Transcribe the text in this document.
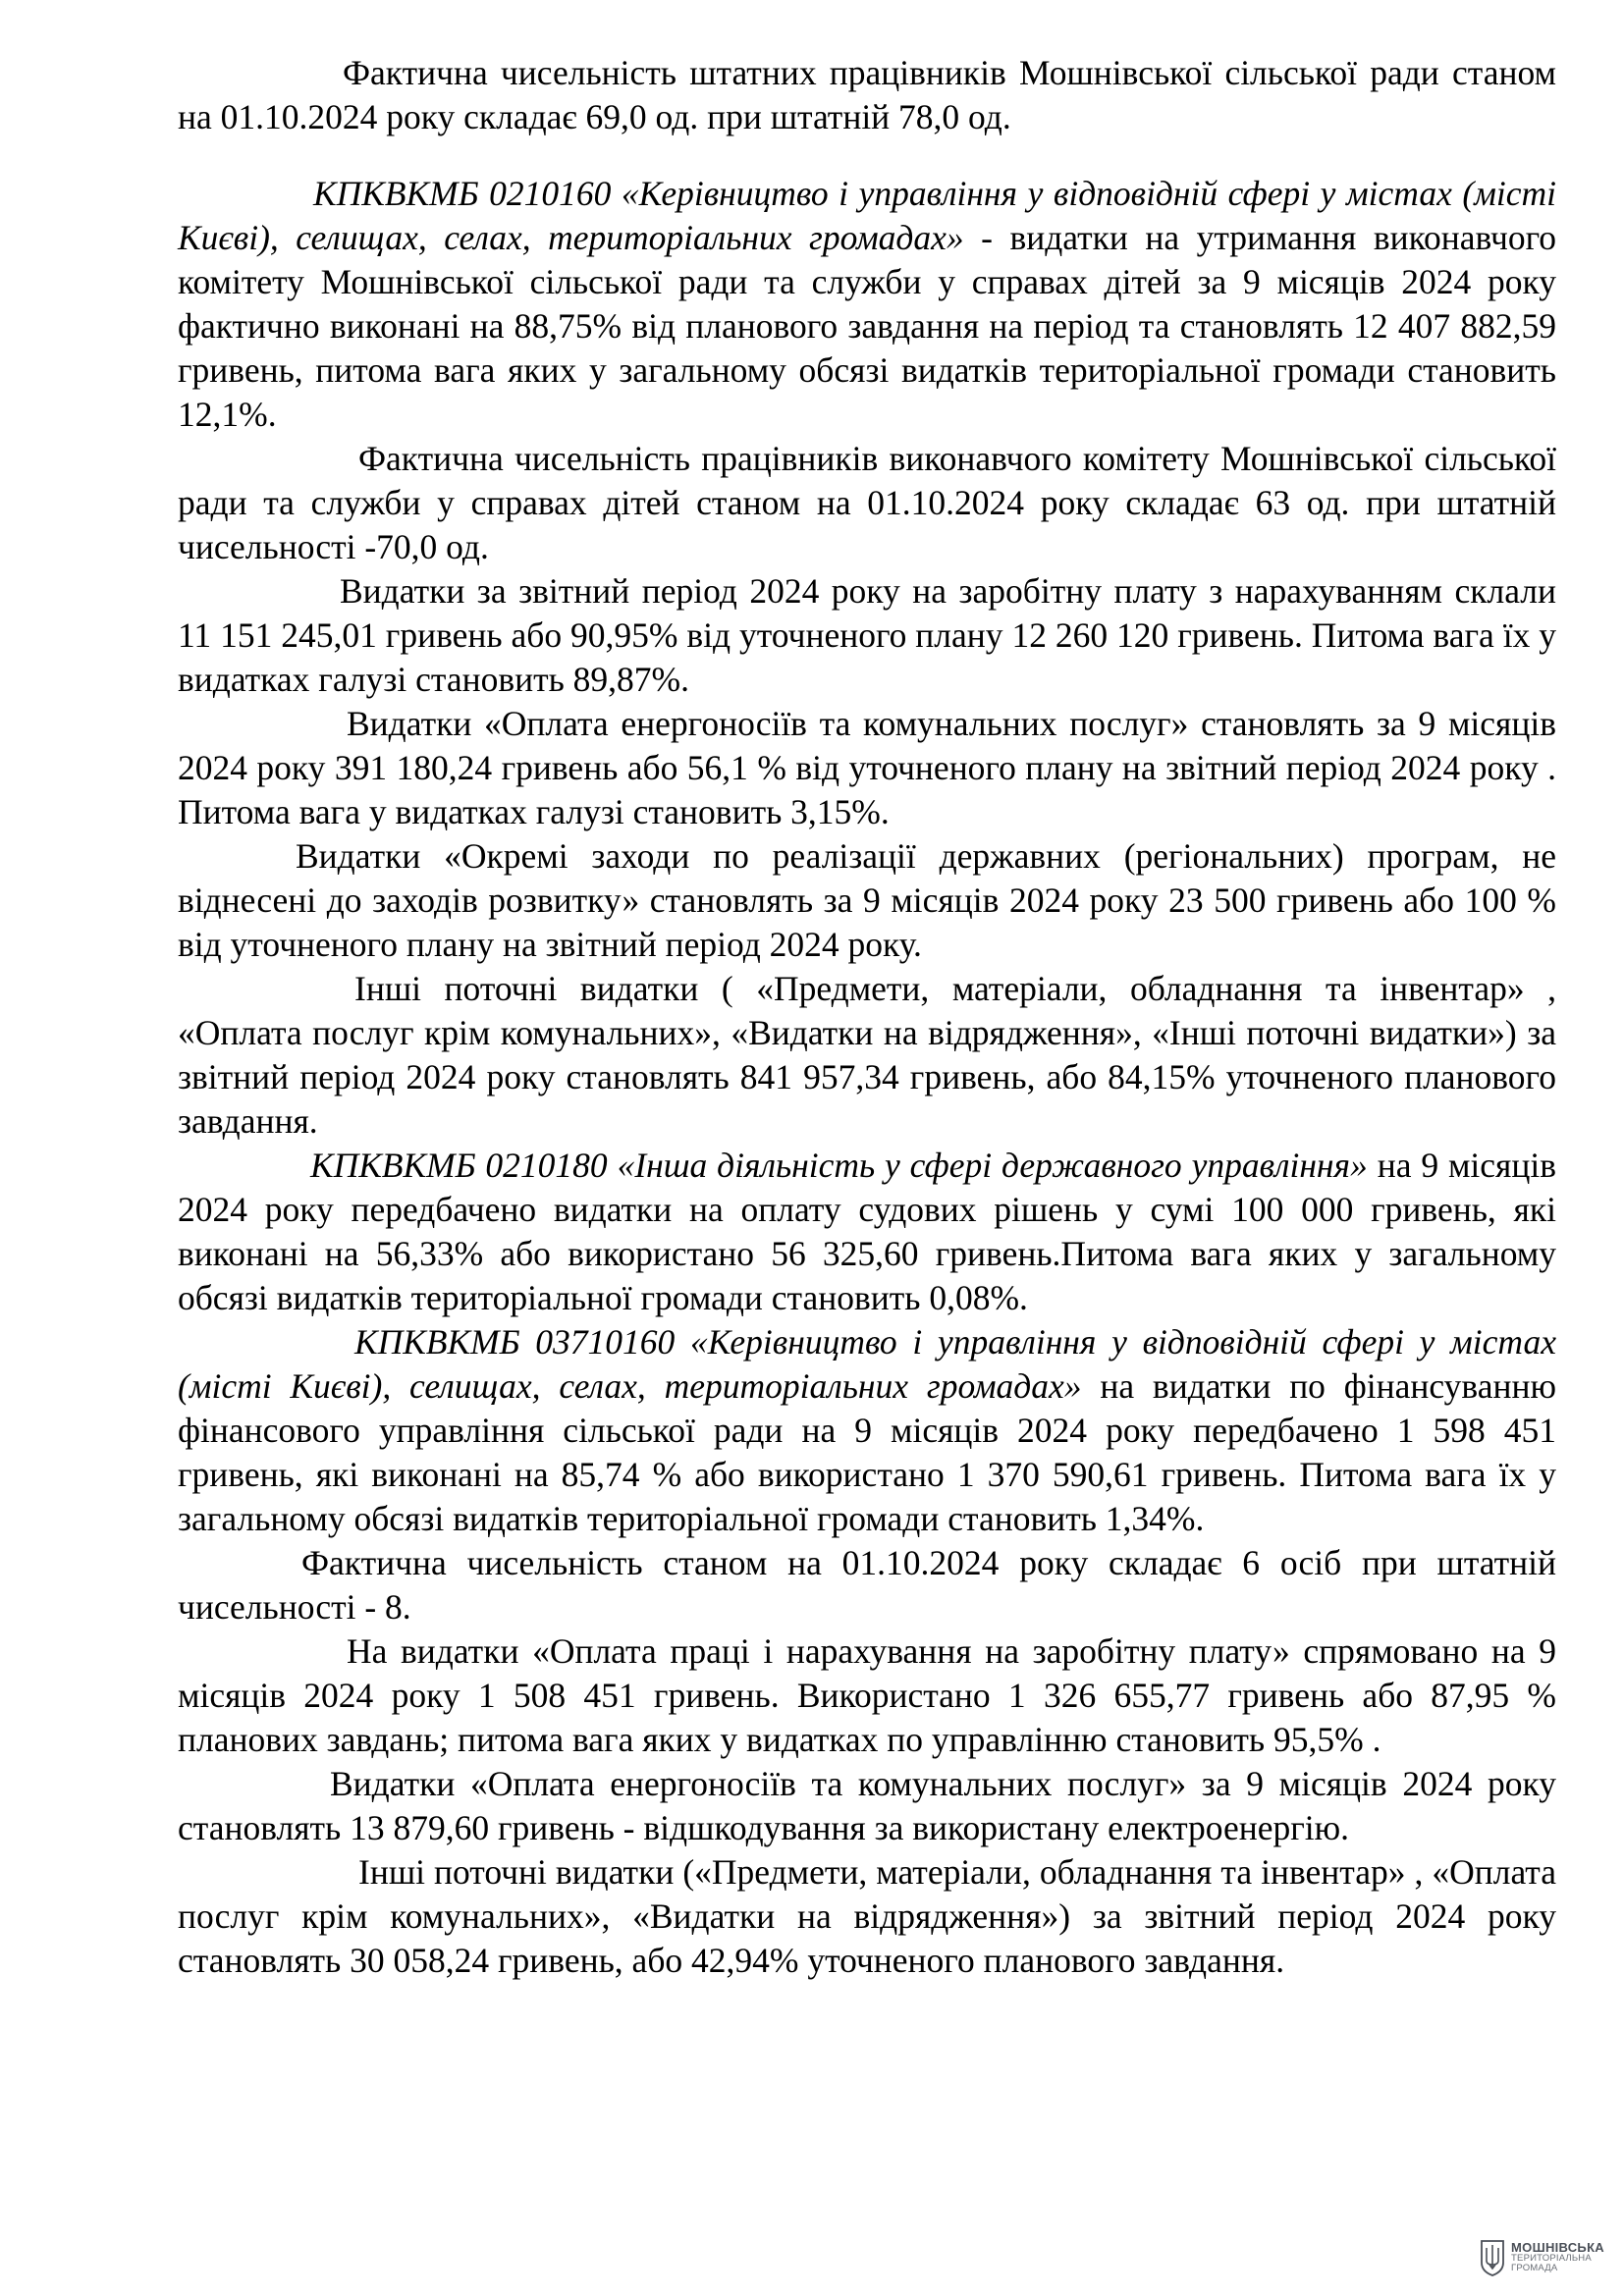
Фактична чисельність штатних працівників Мошнівської сільської ради станом на 01.10.2024 року складає 69,0 од. при штатній 78,0 од.

КПКВКМБ 0210160 «Керівництво і управління у відповідній сфері у містах (місті Києві), селищах, селах, територіальних громадах» - видатки на утримання виконавчого комітету Мошнівської сільської ради та служби у справах дітей за 9 місяців 2024 року фактично виконані на 88,75% від планового завдання на період та становлять 12 407 882,59 гривень, питома вага яких у загальному обсязі видатків територіальної громади становить 12,1%.

Фактична чисельність працівників виконавчого комітету Мошнівської сільської ради та служби у справах дітей станом на 01.10.2024 року складає 63 од. при штатній чисельності -70,0 од.

Видатки за звітний період 2024 року на заробітну плату з нарахуванням склали 11 151 245,01 гривень або 90,95% від уточненого плану 12 260 120 гривень. Питома вага їх у видатках галузі становить 89,87%.

Видатки «Оплата енергоносіїв та комунальних послуг» становлять за 9 місяців 2024 року 391 180,24 гривень або 56,1 % від уточненого плану на звітний період 2024 року . Питома вага у видатках галузі становить 3,15%.

Видатки «Окремі заходи по реалізації державних (регіональних) програм, не віднесені до заходів розвитку» становлять за 9 місяців 2024 року 23 500 гривень або 100 % від уточненого плану на звітний період 2024 року.

Інші поточні видатки ( «Предмети, матеріали, обладнання та інвентар» , «Оплата послуг крім комунальних», «Видатки на відрядження», «Інші поточні видатки») за звітний період 2024 року становлять 841 957,34 гривень, або 84,15% уточненого планового завдання.

КПКВКМБ 0210180 «Інша діяльність у сфері державного управління» на 9 місяців 2024 року передбачено видатки на оплату судових рішень у сумі 100 000 гривень, які виконані на 56,33% або використано 56 325,60 гривень.Питома вага яких у загальному обсязі видатків територіальної громади становить 0,08%.

КПКВКМБ 03710160 «Керівництво і управління у відповідній сфері у містах (місті Києві), селищах, селах, територіальних громадах» на видатки по фінансуванню фінансового управління сільської ради на 9 місяців 2024 року передбачено 1 598 451 гривень, які виконані на 85,74 % або використано 1 370 590,61 гривень. Питома вага їх у загальному обсязі видатків територіальної громади становить 1,34%.

Фактична чисельність станом на 01.10.2024 року складає 6 осіб при штатній чисельності - 8.

На видатки «Оплата праці і нарахування на заробітну плату» спрямовано на 9 місяців 2024 року 1 508 451 гривень. Використано 1 326 655,77 гривень або 87,95 % планових завдань; питома вага яких у видатках по управлінню становить 95,5% .

Видатки «Оплата енергоносіїв та комунальних послуг» за 9 місяців 2024 року становлять 13 879,60 гривень - відшкодування за використану електроенергію.

Інші поточні видатки («Предмети, матеріали, обладнання та інвентар» , «Оплата послуг крім комунальних», «Видатки на відрядження») за звітний період 2024 року становлять 30 058,24 гривень, або 42,94% уточненого планового завдання.

МОШНІВСЬКА
ТЕРИТОРІАЛЬНА
ГРОМАДА
